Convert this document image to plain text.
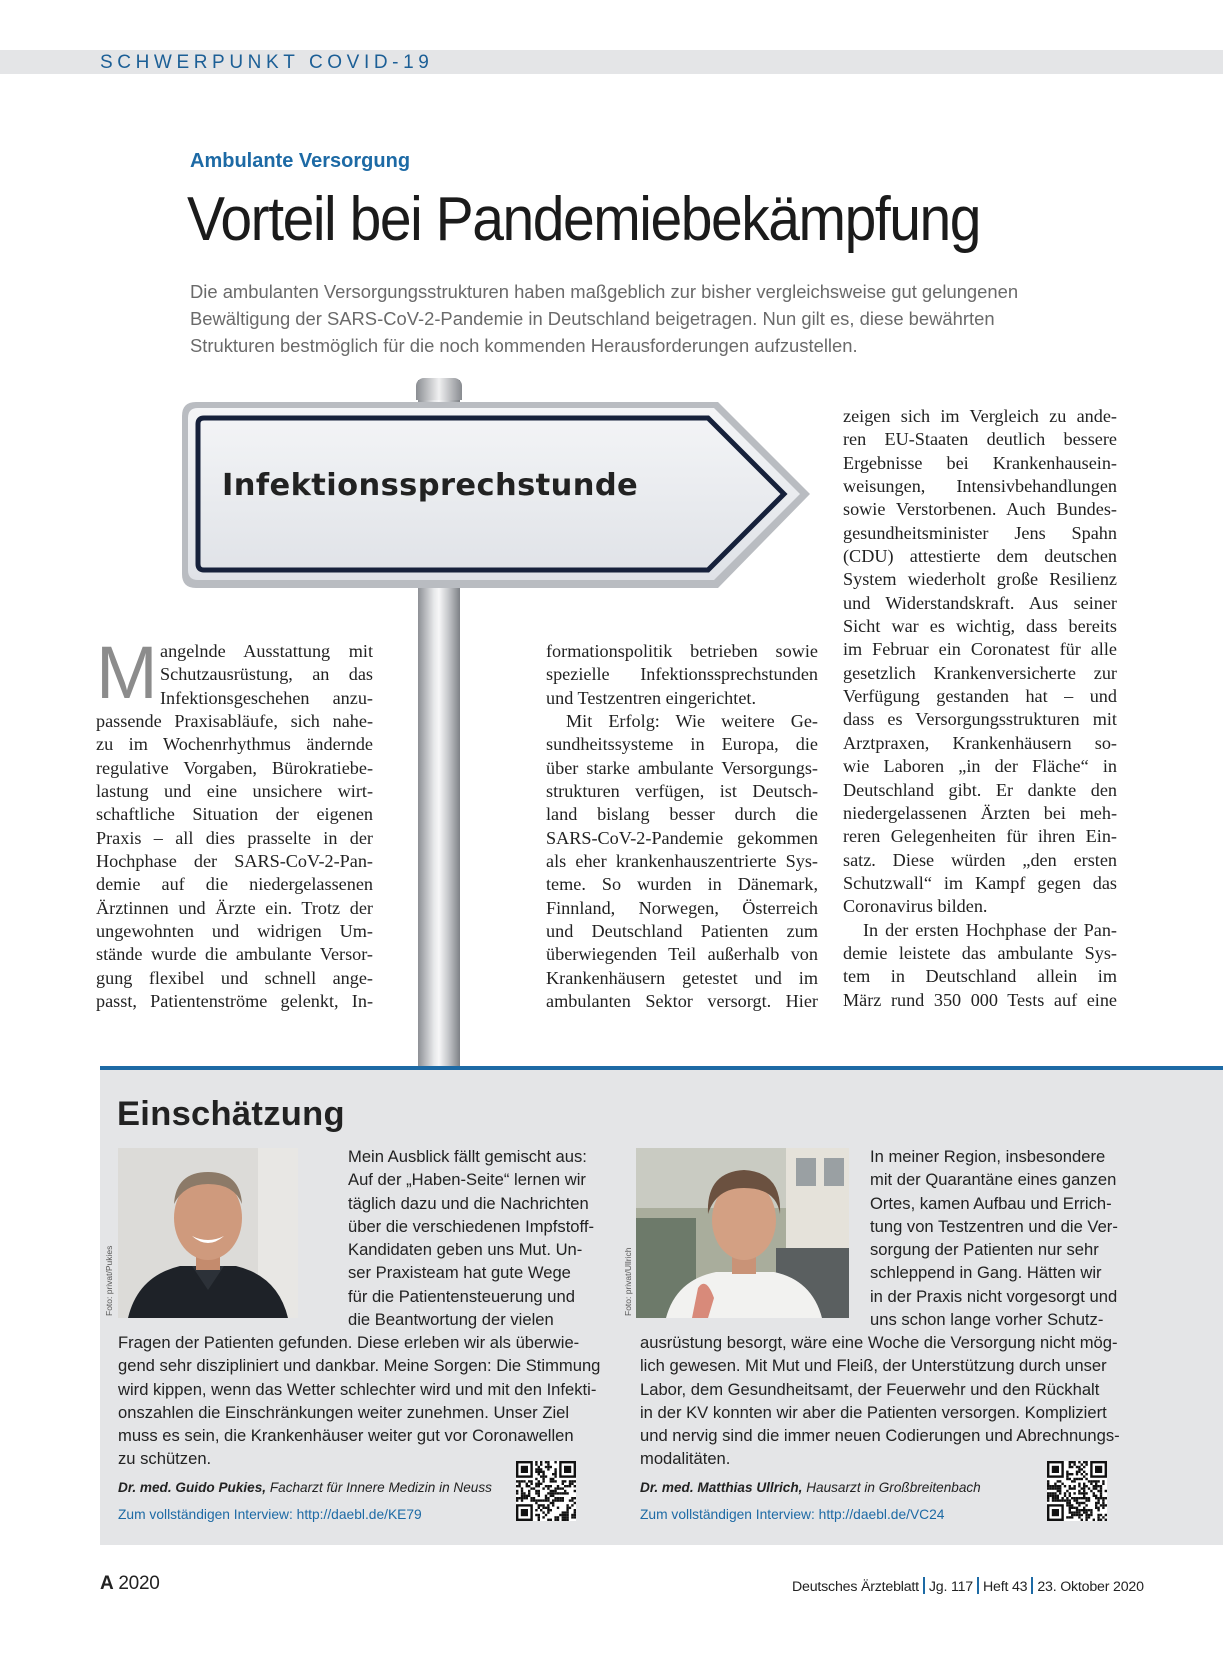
SCHWERPUNKT COVID-19
Ambulante Versorgung
Vorteil bei Pandemiebekämpfung
Die ambulanten Versorgungsstrukturen haben maßgeblich zur bisher vergleichsweise gut gelungenen
Bewältigung der SARS-CoV-2-Pandemie in Deutschland beigetragen. Nun gilt es, diese bewährten
Strukturen bestmöglich für die noch kommenden Herausforderungen aufzustellen.
Infektionssprechstunde
M angelnde Ausstattung mit
Schutzausrüstung, an das
Infektionsgeschehen anzu-
passende Praxisabläufe, sich nahe-
zu im Wochenrhythmus ändernde
regulative Vorgaben, Bürokratiebe-
lastung und eine unsichere wirt-
schaftliche Situation der eigenen
Praxis – all dies prasselte in der
Hochphase der SARS-CoV-2-Pan-
demie auf die niedergelassenen
Ärztinnen und Ärzte ein. Trotz der
ungewohnten und widrigen Um-
stände wurde die ambulante Versor-
gung flexibel und schnell ange-
passt, Patientenströme gelenkt, In-
formationspolitik betrieben sowie
spezielle Infektionssprechstunden
und Testzentren eingerichtet.
Mit Erfolg: Wie weitere Ge-
sundheitssysteme in Europa, die
über starke ambulante Versorgungs-
strukturen verfügen, ist Deutsch-
land bislang besser durch die
SARS-CoV-2-Pandemie gekommen
als eher krankenhauszentrierte Sys-
teme. So wurden in Dänemark,
Finnland, Norwegen, Österreich
und Deutschland Patienten zum
überwiegenden Teil außerhalb von
Krankenhäusern getestet und im
ambulanten Sektor versorgt. Hier
zeigen sich im Vergleich zu ande-
ren EU-Staaten deutlich bessere
Ergebnisse bei Krankenhausein-
weisungen, Intensivbehandlungen
sowie Verstorbenen. Auch Bundes-
gesundheitsminister Jens Spahn
(CDU) attestierte dem deutschen
System wiederholt große Resilienz
und Widerstandskraft. Aus seiner
Sicht war es wichtig, dass bereits
im Februar ein Coronatest für alle
gesetzlich Krankenversicherte zur
Verfügung gestanden hat – und
dass es Versorgungsstrukturen mit
Arztpraxen, Krankenhäusern so-
wie Laboren „in der Fläche“ in
Deutschland gibt. Er dankte den
niedergelassenen Ärzten bei meh-
reren Gelegenheiten für ihren Ein-
satz. Diese würden „den ersten
Schutzwall“ im Kampf gegen das
Coronavirus bilden.
In der ersten Hochphase der Pan-
demie leistete das ambulante Sys-
tem in Deutschland allein im
März rund 350 000 Tests auf eine
Einschätzung
Foto: privat/Pukies
Mein Ausblick fällt gemischt aus:
Auf der „Haben-Seite“ lernen wir
täglich dazu und die Nachrichten
über die verschiedenen Impfstoff-
Kandidaten geben uns Mut. Un-
ser Praxisteam hat gute Wege
für die Patientensteuerung und
die Beantwortung der vielen
Fragen der Patienten gefunden. Diese erleben wir als überwie-
gend sehr diszipliniert und dankbar. Meine Sorgen: Die Stimmung
wird kippen, wenn das Wetter schlechter wird und mit den Infekti-
onszahlen die Einschränkungen weiter zunehmen. Unser Ziel
muss es sein, die Krankenhäuser weiter gut vor Coronawellen
zu schützen.
Dr. med. Guido Pukies, Facharzt für Innere Medizin in Neuss
Zum vollständigen Interview: http://daebl.de/KE79
Foto: privat/Ullrich
In meiner Region, insbesondere
mit der Quarantäne eines ganzen
Ortes, kamen Aufbau und Errich-
tung von Testzentren und die Ver-
sorgung der Patienten nur sehr
schleppend in Gang. Hätten wir
in der Praxis nicht vorgesorgt und
uns schon lange vorher Schutz-
ausrüstung besorgt, wäre eine Woche die Versorgung nicht mög-
lich gewesen. Mit Mut und Fleiß, der Unterstützung durch unser
Labor, dem Gesundheitsamt, der Feuerwehr und den Rückhalt
in der KV konnten wir aber die Patienten versorgen. Kompliziert
und nervig sind die immer neuen Codierungen und Abrechnungs-
modalitäten.
Dr. med. Matthias Ullrich, Hausarzt in Großbreitenbach
Zum vollständigen Interview: http://daebl.de/VC24
A 2020	Deutsches Ärzteblatt Jg. 117 Heft 43 23. Oktober 2020
